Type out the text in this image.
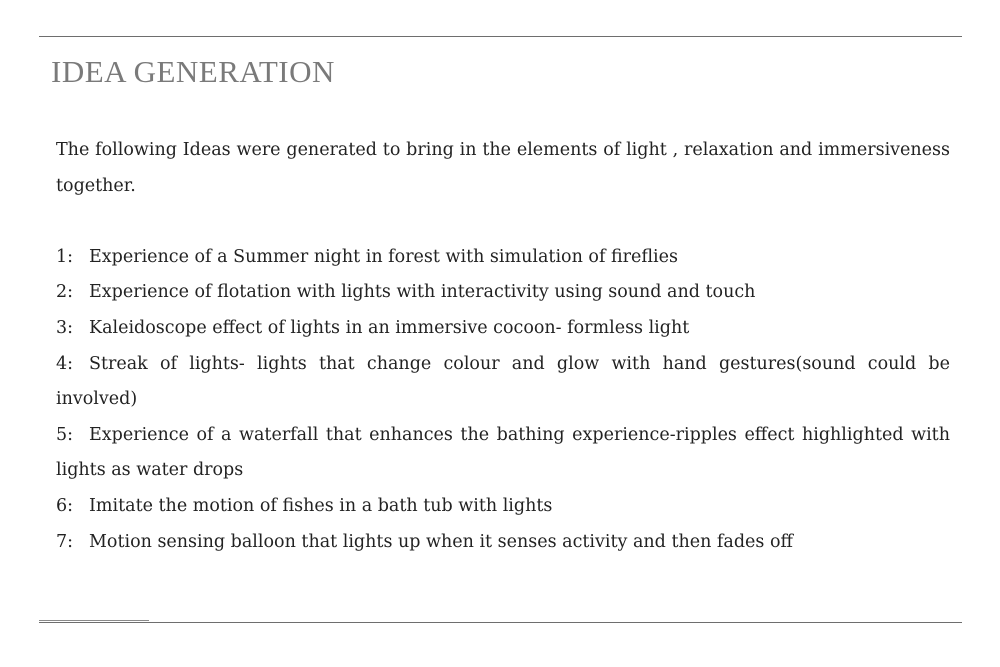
IDEA GENERATION

The following Ideas were generated to bring in the elements of light , relaxation and immersiveness together.

1: Experience of a Summer night in forest with simulation of fireflies
2: Experience of flotation with lights with interactivity using sound and touch
3: Kaleidoscope effect of lights in an immersive cocoon- formless light
4: Streak of lights- lights that change colour and glow with hand gestures(sound could be involved)
5: Experience of a waterfall that enhances the bathing experience-ripples effect highlighted with lights as water drops
6: Imitate the motion of fishes in a bath tub with lights
7: Motion sensing balloon that lights up when it senses activity and then fades off
